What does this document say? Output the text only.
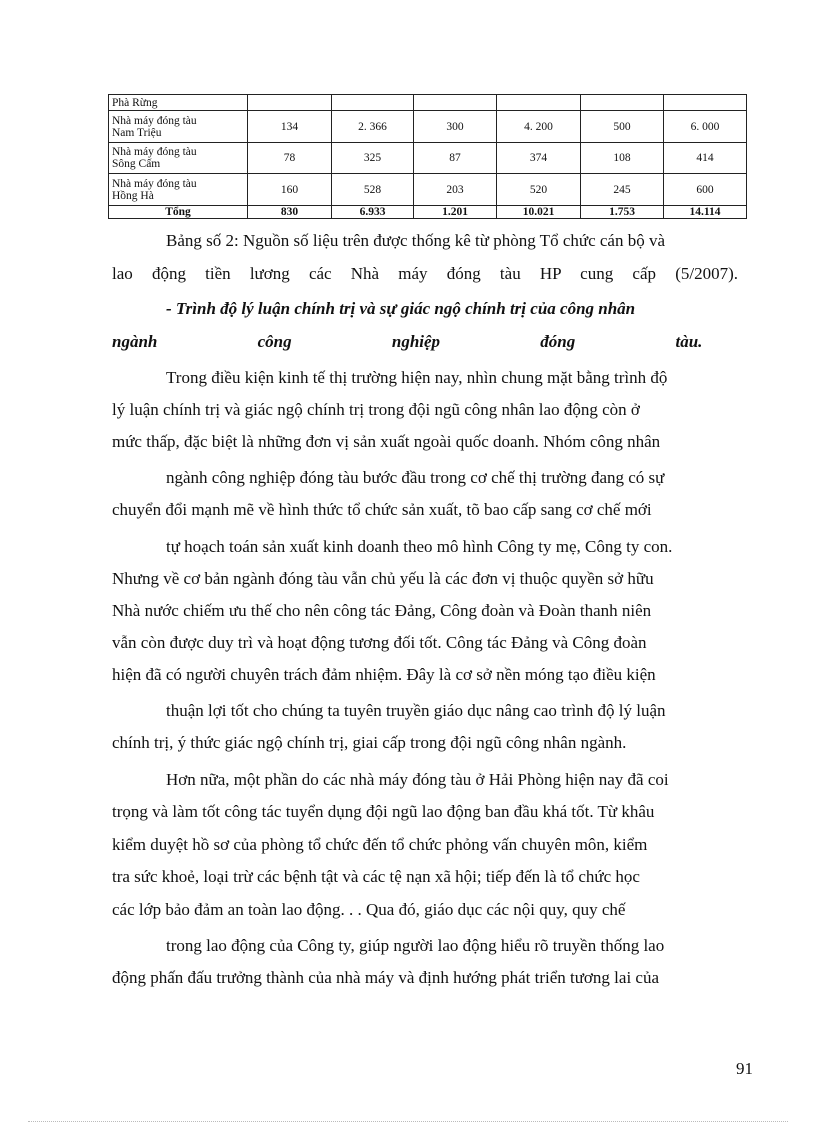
Phà Rừng						
Nhà máy đóng tàu
Nam Triệu	134	2. 366	300	4. 200	500	6. 000
Nhà máy đóng tàu
Sông Cấm	78	325	87	374	108	414
Nhà máy đóng tàu
Hồng Hà	160	528	203	520	245	600
Tổng	830	6.933	1.201	10.021	1.753	14.114

Bảng số 2: Nguồn số liệu trên được thống kê từ phòng Tổ chức cán bộ và

lao động tiền lương các Nhà máy đóng tàu HP cung cấp (5/2007).

- Trình độ lý luận chính trị và sự giác ngộ chính trị của công nhân

ngành công nghiệp đóng tàu.

Trong điều kiện kinh tế thị trường hiện nay, nhìn chung mặt bằng trình độ

lý luận chính trị và giác ngộ chính trị trong đội ngũ công nhân lao động còn ở

mức thấp, đặc biệt là những đơn vị sản xuất ngoài quốc doanh. Nhóm công nhân

ngành công nghiệp đóng tàu bước đầu trong cơ chế thị trường đang có sự

chuyển đổi mạnh mẽ về hình thức tổ chức sản xuất, tõ bao cấp sang cơ chế mới

tự hoạch toán sản xuất kinh doanh theo mô hình Công ty mẹ, Công ty con.

Nhưng về cơ bản ngành đóng tàu vẫn chủ yếu là các đơn vị thuộc quyền sở hữu

Nhà nước chiếm ưu thế cho nên công tác Đảng, Công đoàn và Đoàn thanh niên

vẫn còn được duy trì và hoạt động tương đối tốt. Công tác Đảng và Công đoàn

hiện đã có người chuyên trách đảm nhiệm. Đây là cơ sở nền móng tạo điều kiện

thuận lợi tốt cho chúng ta tuyên truyền giáo dục nâng cao trình độ lý luận

chính trị, ý thức giác ngộ chính trị, giai cấp trong đội ngũ công nhân ngành.

Hơn nữa, một phần do các nhà máy đóng tàu ở Hải Phòng hiện nay đã coi

trọng và làm tốt công tác tuyển dụng đội ngũ lao động ban đầu khá tốt. Từ khâu

kiểm duyệt hồ sơ của phòng tổ chức đến tổ chức phỏng vấn chuyên môn, kiểm

tra sức khoẻ, loại trừ các bệnh tật và các tệ nạn xã hội; tiếp đến là tổ chức học

các lớp bảo đảm an toàn lao động. . . Qua đó, giáo dục các nội quy, quy chế

trong lao động của Công ty, giúp người lao động hiểu rõ truyền thống lao

động phấn đấu trưởng thành của nhà máy và định hướng phát triển tương lai của

91
